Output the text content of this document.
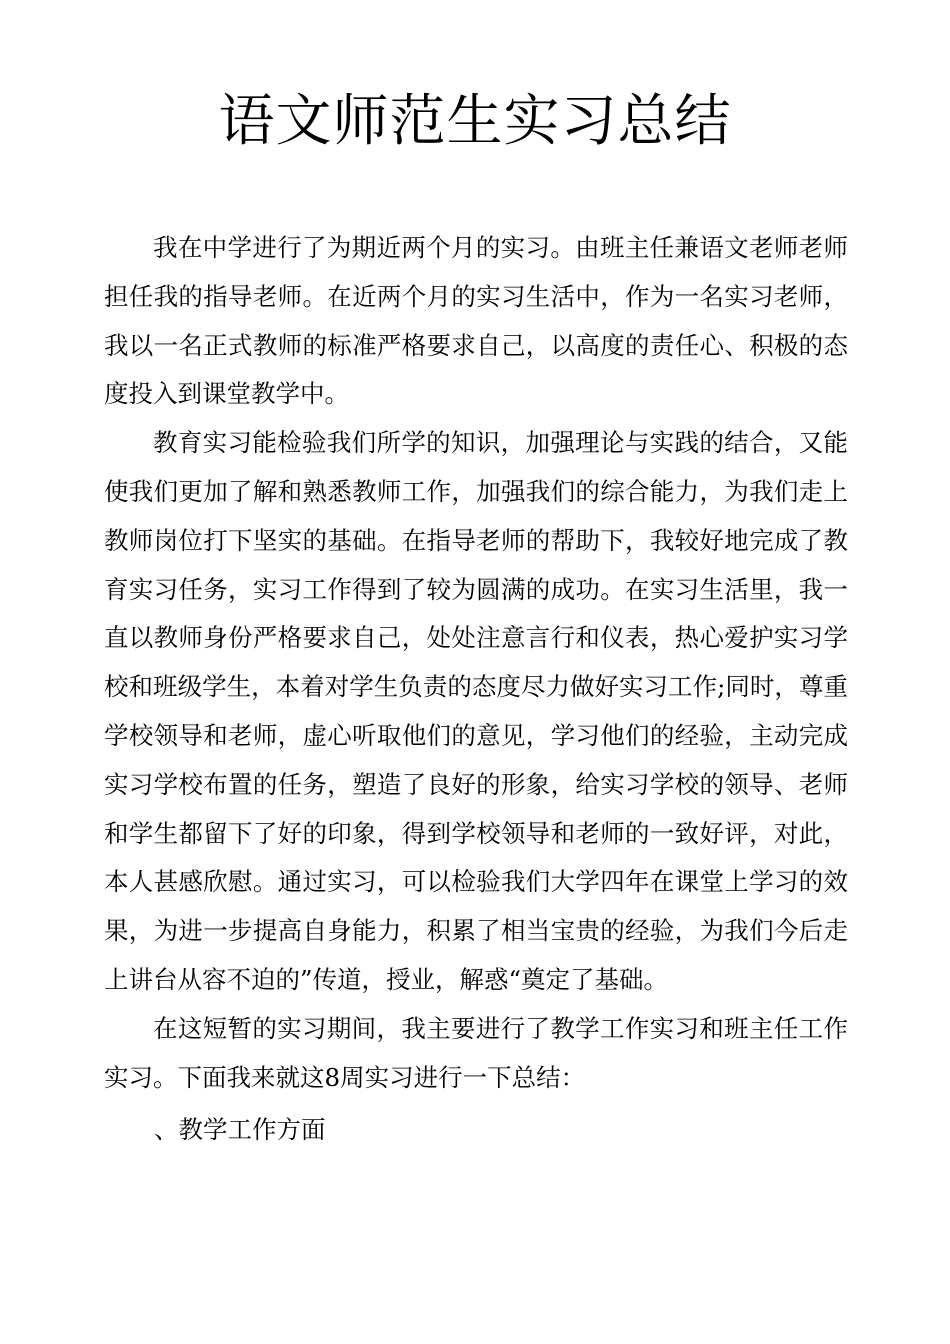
语文师范生实习总结

我在中学进行了为期近两个月的实习。由班主任兼语文老师老师担任我的指导老师。在近两个月的实习生活中，作为一名实习老师，我以一名正式教师的标准严格要求自己，以高度的责任心、积极的态度投入到课堂教学中。

教育实习能检验我们所学的知识，加强理论与实践的结合，又能使我们更加了解和熟悉教师工作，加强我们的综合能力，为我们走上教师岗位打下坚实的基础。在指导老师的帮助下，我较好地完成了教育实习任务，实习工作得到了较为圆满的成功。在实习生活里，我一直以教师身份严格要求自己，处处注意言行和仪表，热心爱护实习学校和班级学生，本着对学生负责的态度尽力做好实习工作;同时，尊重学校领导和老师，虚心听取他们的意见，学习他们的经验，主动完成实习学校布置的任务，塑造了良好的形象，给实习学校的领导、老师和学生都留下了好的印象，得到学校领导和老师的一致好评，对此，本人甚感欣慰。通过实习，可以检验我们大学四年在课堂上学习的效果，为进一步提高自身能力，积累了相当宝贵的经验，为我们今后走上讲台从容不迫的”传道，授业，解惑“奠定了基础。

在这短暂的实习期间，我主要进行了教学工作实习和班主任工作实习。下面我来就这8周实习进行一下总结：

、教学工作方面
